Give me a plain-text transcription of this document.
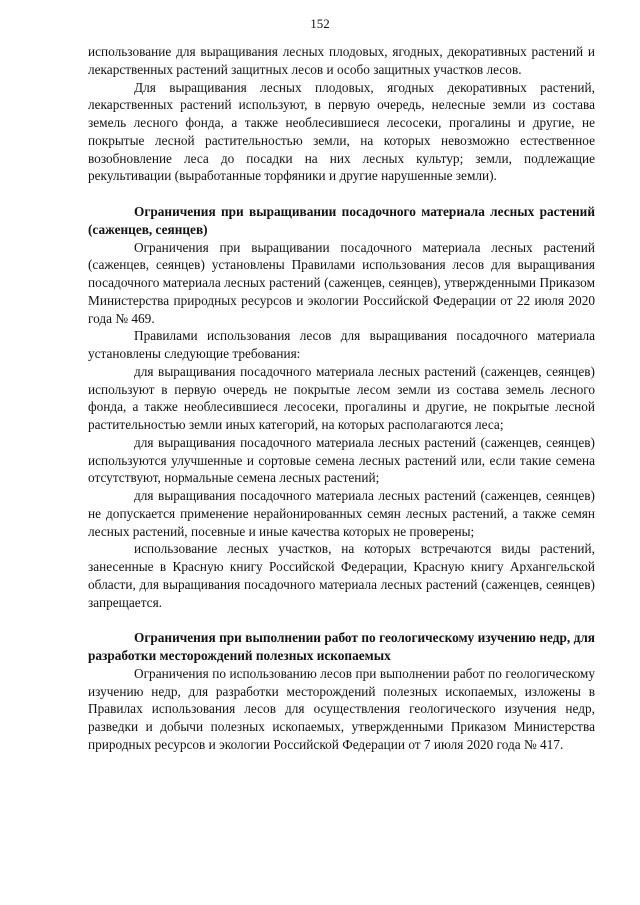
152

использование для выращивания лесных плодовых, ягодных, декоративных растений и лекарственных растений защитных лесов и особо защитных участков лесов.

Для выращивания лесных плодовых, ягодных декоративных растений, лекарственных растений используют, в первую очередь, нелесные земли из состава земель лесного фонда, а также необлесившиеся лесосеки, прогалины и другие, не покрытые лесной растительностью земли, на которых невозможно естественное возобновление леса до посадки на них лесных культур; земли, подлежащие рекультивации (выработанные торфяники и другие нарушенные земли).

Ограничения при выращивании посадочного материала лесных растений (саженцев, сеянцев)

Ограничения при выращивании посадочного материала лесных растений (саженцев, сеянцев) установлены Правилами использования лесов для выращивания посадочного материала лесных растений (саженцев, сеянцев), утвержденными Приказом Министерства природных ресурсов и экологии Российской Федерации от 22 июля 2020 года № 469.

Правилами использования лесов для выращивания посадочного материала установлены следующие требования:

для выращивания посадочного материала лесных растений (саженцев, сеянцев) используют в первую очередь не покрытые лесом земли из состава земель лесного фонда, а также необлесившиеся лесосеки, прогалины и другие, не покрытые лесной растительностью земли иных категорий, на которых располагаются леса;

для выращивания посадочного материала лесных растений (саженцев, сеянцев) используются улучшенные и сортовые семена лесных растений или, если такие семена отсутствуют, нормальные семена лесных растений;

для выращивания посадочного материала лесных растений (саженцев, сеянцев) не допускается применение нерайонированных семян лесных растений, а также семян лесных растений, посевные и иные качества которых не проверены;

использование лесных участков, на которых встречаются виды растений, занесенные в Красную книгу Российской Федерации, Красную книгу Архангельской области, для выращивания посадочного материала лесных растений (саженцев, сеянцев) запрещается.

Ограничения при выполнении работ по геологическому изучению недр, для разработки месторождений полезных ископаемых

Ограничения по использованию лесов при выполнении работ по геологическому изучению недр, для разработки месторождений полезных ископаемых, изложены в Правилах использования лесов для осуществления геологического изучения недр, разведки и добычи полезных ископаемых, утвержденными Приказом Министерства природных ресурсов и экологии Российской Федерации от 7 июля 2020 года № 417.
